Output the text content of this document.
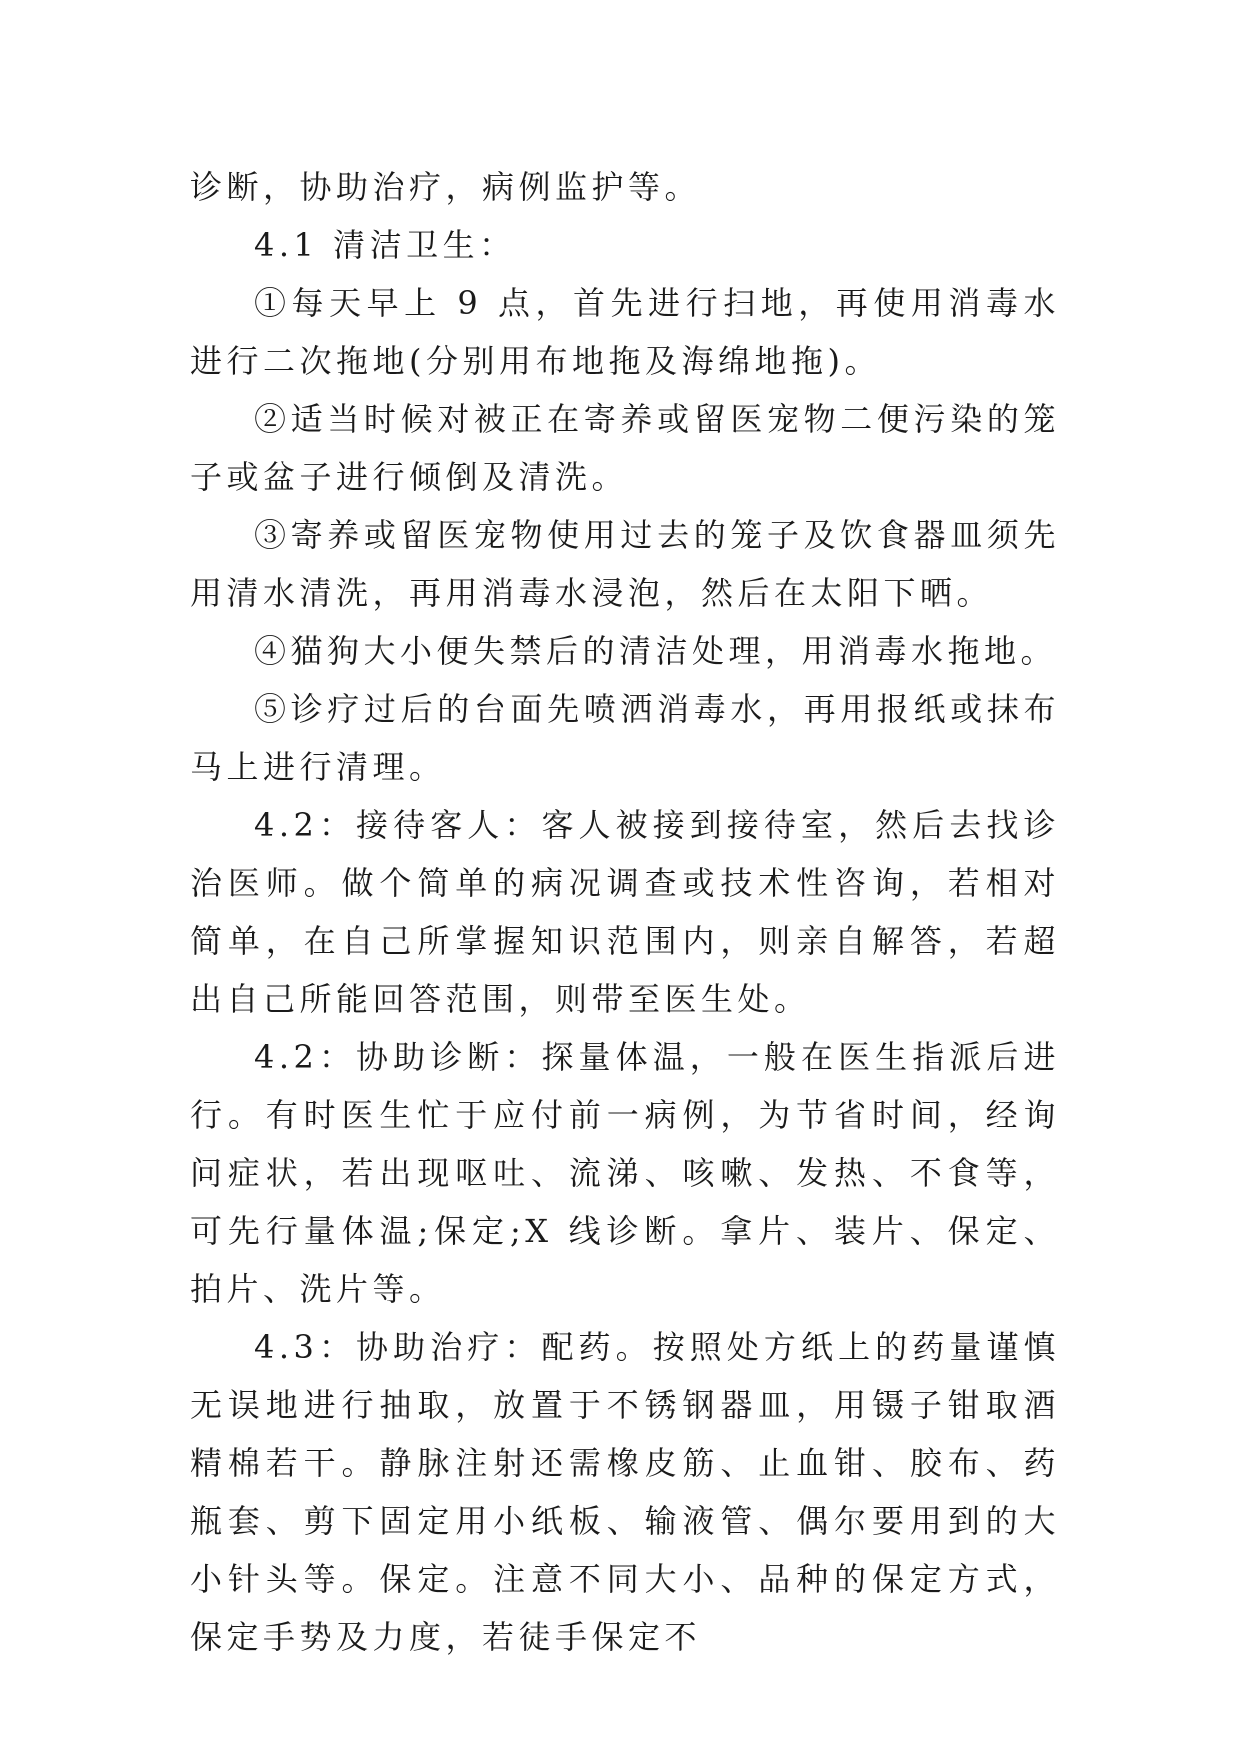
诊断，协助治疗，病例监护等。

4.1 清洁卫生：

①每天早上 9 点，首先进行扫地，再使用消毒水进行二次拖地(分别用布地拖及海绵地拖)。

②适当时候对被正在寄养或留医宠物二便污染的笼子或盆子进行倾倒及清洗。

③寄养或留医宠物使用过去的笼子及饮食器皿须先用清水清洗，再用消毒水浸泡，然后在太阳下晒。

④猫狗大小便失禁后的清洁处理，用消毒水拖地。

⑤诊疗过后的台面先喷洒消毒水，再用报纸或抹布马上进行清理。

4.2：接待客人：客人被接到接待室，然后去找诊治医师。做个简单的病况调查或技术性咨询，若相对简单，在自己所掌握知识范围内，则亲自解答，若超出自己所能回答范围，则带至医生处。

4.2：协助诊断：探量体温，一般在医生指派后进行。有时医生忙于应付前一病例，为节省时间，经询问症状，若出现呕吐、流涕、咳嗽、发热、不食等，可先行量体温;保定;X 线诊断。拿片、装片、保定、拍片、洗片等。

4.3：协助治疗：配药。按照处方纸上的药量谨慎无误地进行抽取，放置于不锈钢器皿，用镊子钳取酒精棉若干。静脉注射还需橡皮筋、止血钳、胶布、药瓶套、剪下固定用小纸板、输液管、偶尔要用到的大小针头等。保定。注意不同大小、品种的保定方式，保定手势及力度，若徒手保定不
